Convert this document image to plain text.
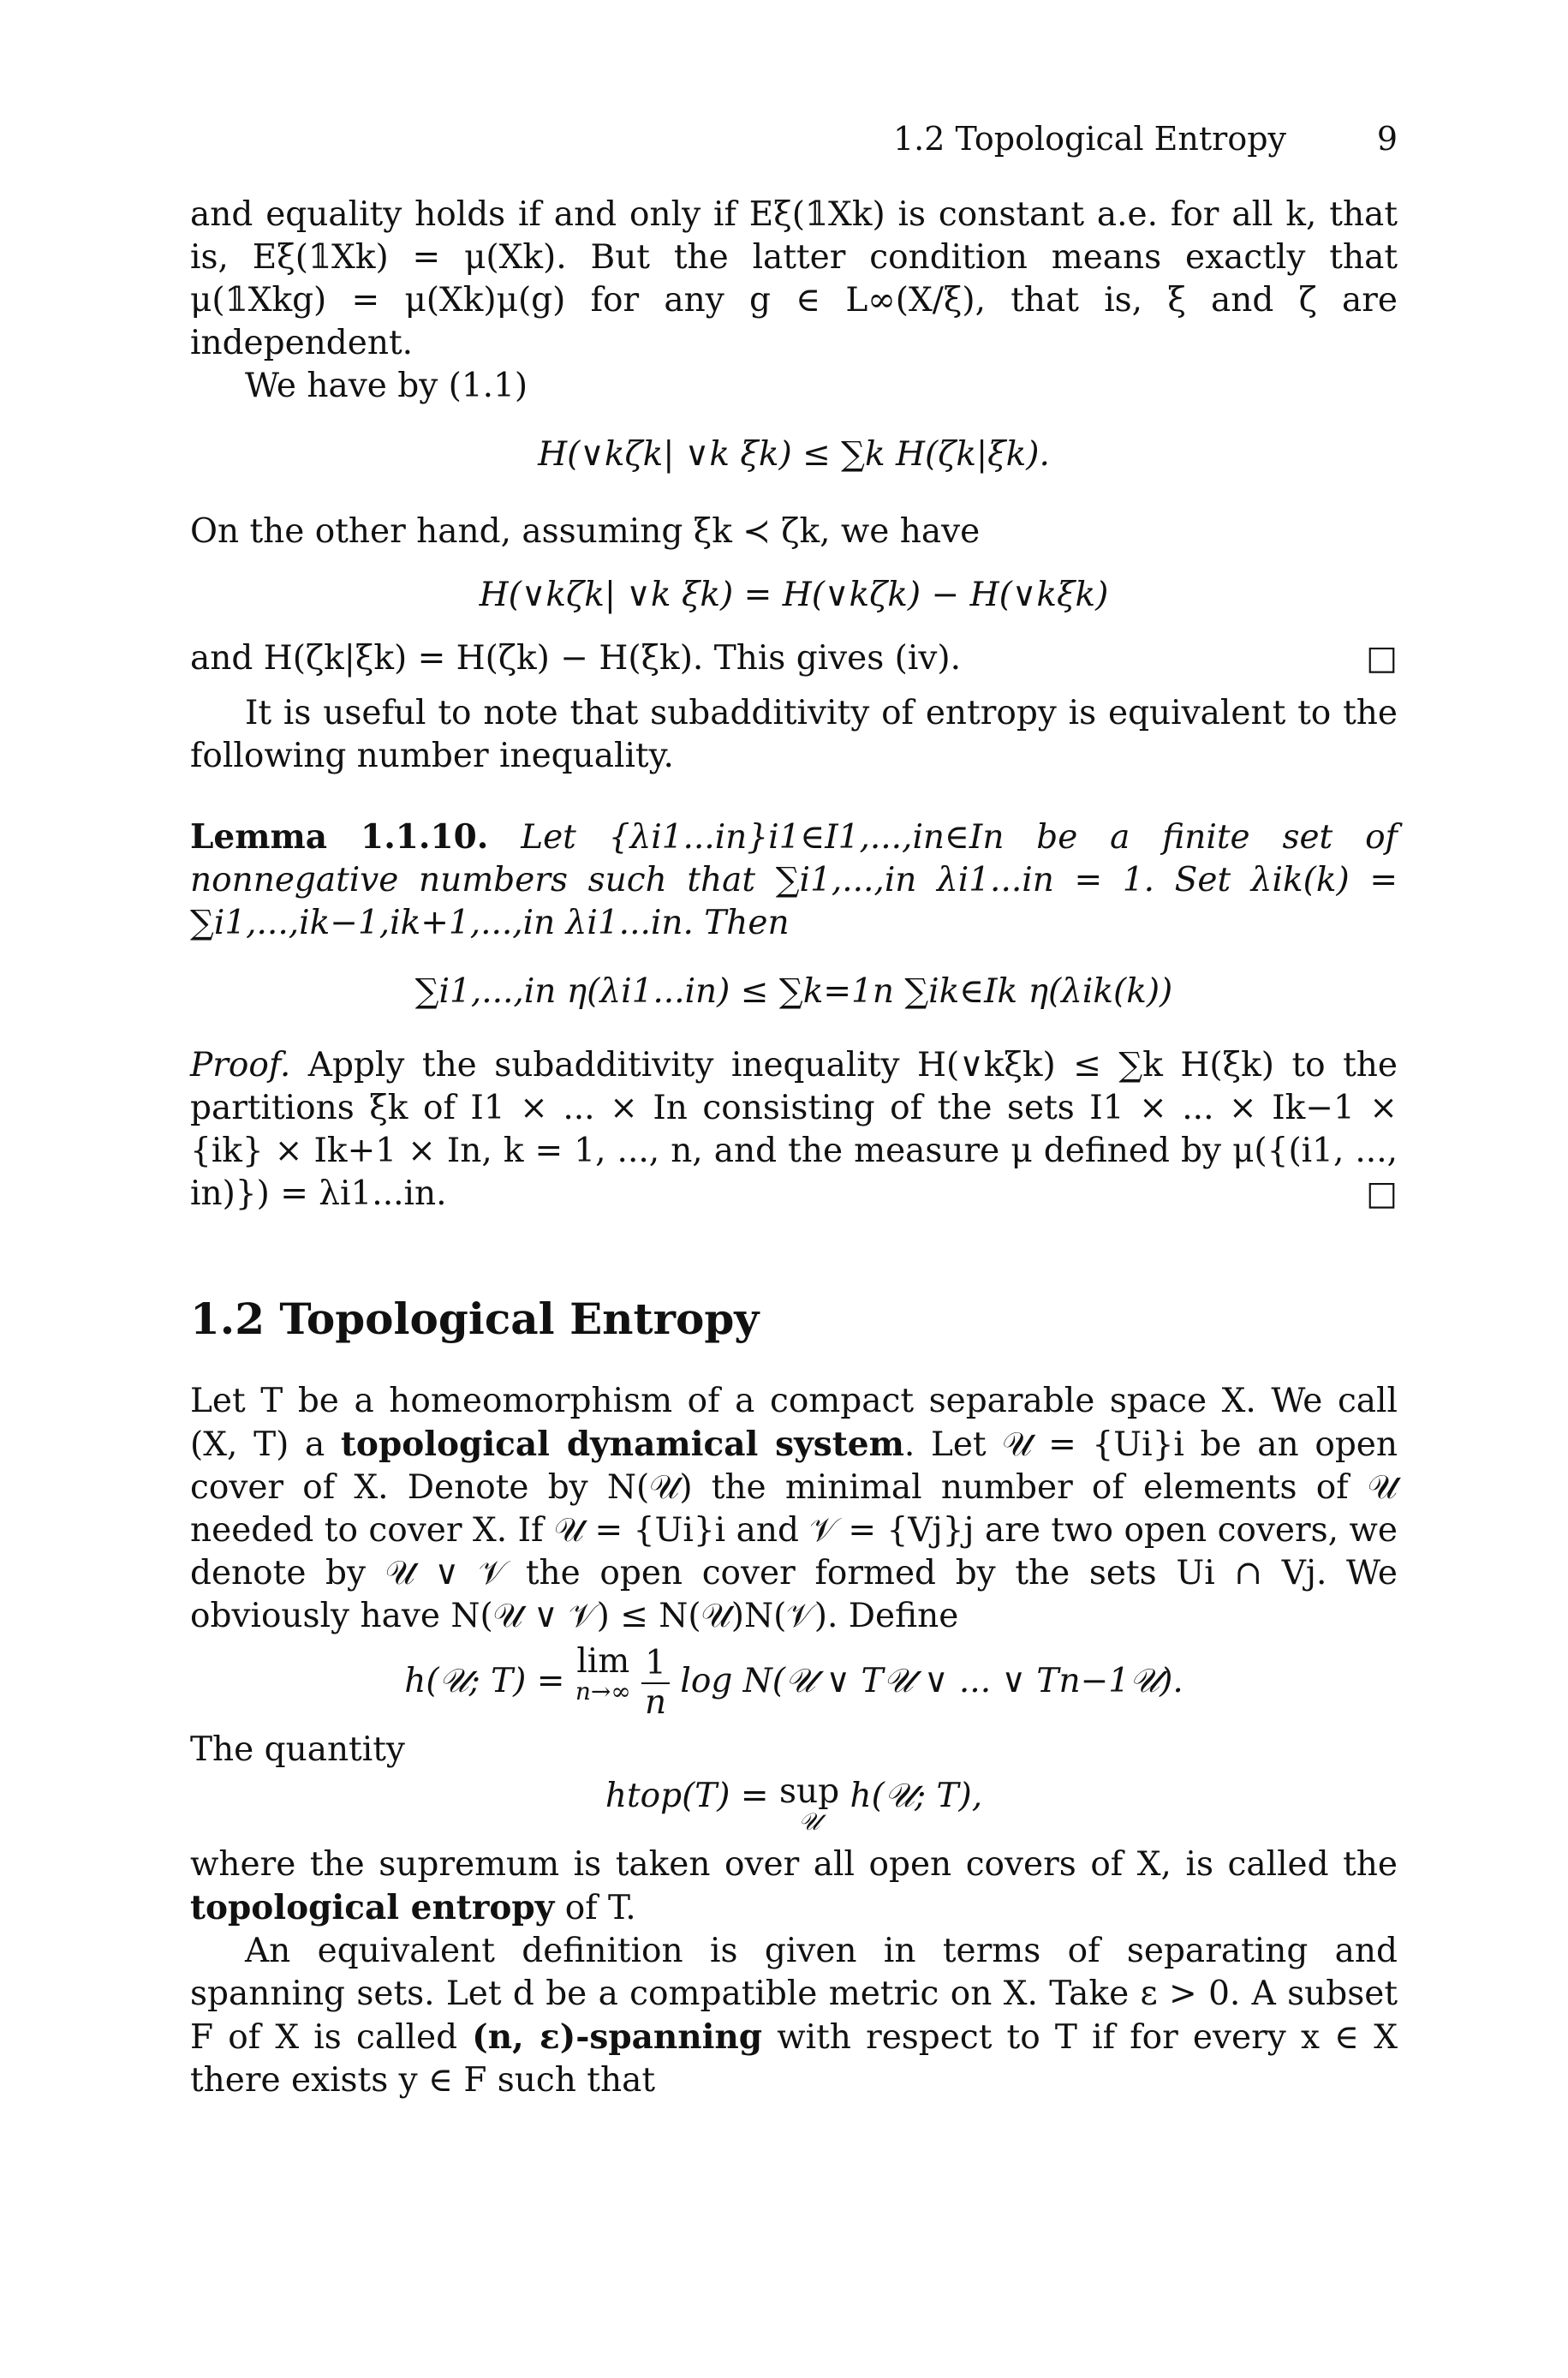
1.2 Topological Entropy	9

and equality holds if and only if Eξ(𝟙Xk) is constant a.e. for all k, that is, Eξ(𝟙Xk) = μ(Xk). But the latter condition means exactly that μ(𝟙Xkg) = μ(Xk)μ(g) for any g ∈ L∞(X/ξ), that is, ξ and ζ are independent.

We have by (1.1)

H(∨kζk| ∨k ξk) ≤ ∑k H(ζk|ξk).

On the other hand, assuming ξk ≺ ζk, we have

H(∨kζk| ∨k ξk) = H(∨kζk) − H(∨kξk)

and H(ζk|ξk) = H(ζk) − H(ξk). This gives (iv).	□

It is useful to note that subadditivity of entropy is equivalent to the following number inequality.

Lemma 1.1.10. Let {λi1...in}i1∈I1,...,in∈In be a finite set of nonnegative numbers such that ∑i1,...,in λi1...in = 1. Set λik(k) = ∑i1,...,ik−1,ik+1,...,in λi1...in. Then

∑i1,...,in η(λi1...in) ≤ ∑k=1n ∑ik∈Ik η(λik(k))

Proof. Apply the subadditivity inequality H(∨kξk) ≤ ∑k H(ξk) to the partitions ξk of I1 × ... × In consisting of the sets I1 × ... × Ik−1 × {ik} × Ik+1 × In, k = 1, ..., n, and the measure μ defined by μ({(i1, ..., in)}) = λi1...in.	□

1.2 Topological Entropy

Let T be a homeomorphism of a compact separable space X. We call (X, T) a topological dynamical system. Let 𝒰 = {Ui}i be an open cover of X. Denote by N(𝒰) the minimal number of elements of 𝒰 needed to cover X. If 𝒰 = {Ui}i and 𝒱 = {Vj}j are two open covers, we denote by 𝒰 ∨ 𝒱 the open cover formed by the sets Ui ∩ Vj. We obviously have N(𝒰 ∨ 𝒱) ≤ N(𝒰)N(𝒱). Define

h(𝒰; T) = lim
n→∞
$\frac{1}{n}$ log N(𝒰 ∨ T𝒰 ∨ ... ∨ Tn−1𝒰).

The quantity

htop(T) = sup
𝒰
h(𝒰; T),

where the supremum is taken over all open covers of X, is called the topological entropy of T.

An equivalent definition is given in terms of separating and spanning sets. Let d be a compatible metric on X. Take ε > 0. A subset F of X is called (n, ε)-spanning with respect to T if for every x ∈ X there exists y ∈ F such that
